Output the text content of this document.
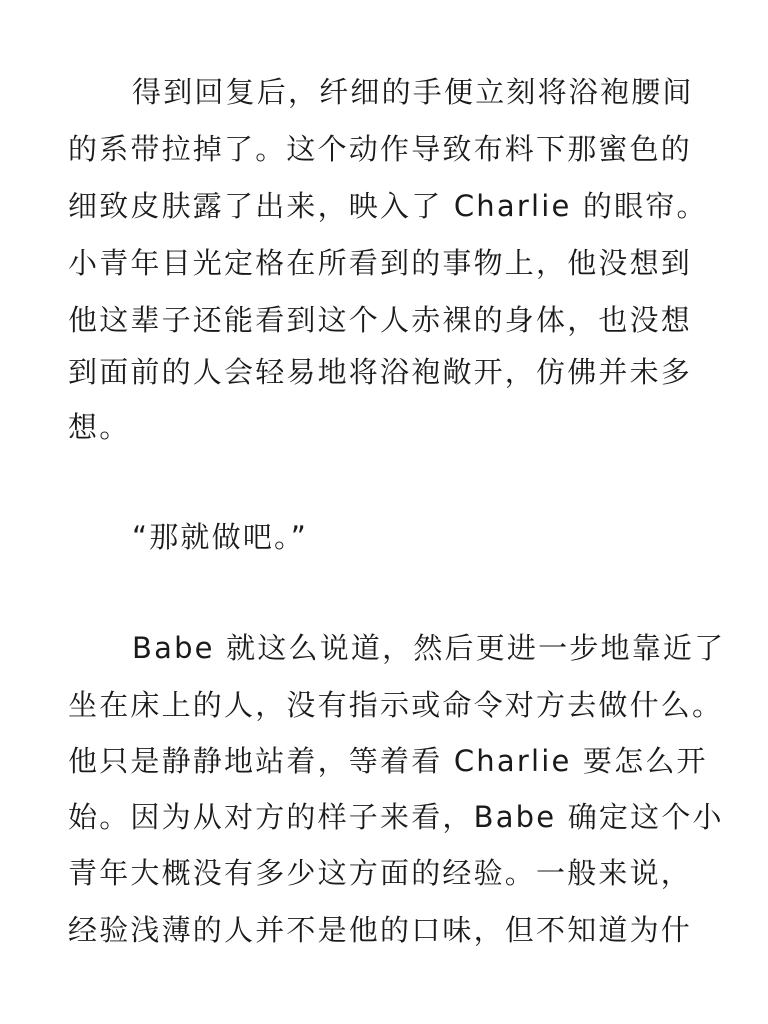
得到回复后，纤细的手便立刻将浴袍腰间
的系带拉掉了。这个动作导致布料下那蜜色的
细致皮肤露了出来，映入了 Charlie 的眼帘。
小青年目光定格在所看到的事物上，他没想到
他这辈子还能看到这个人赤裸的身体，也没想
到面前的人会轻易地将浴袍敞开，仿佛并未多
想。
“那就做吧。”
Babe 就这么说道，然后更进一步地靠近了
坐在床上的人，没有指示或命令对方去做什么。
他只是静静地站着，等着看 Charlie 要怎么开
始。因为从对方的样子来看，Babe 确定这个小
青年大概没有多少这方面的经验。一般来说，
经验浅薄的人并不是他的口味，但不知道为什
